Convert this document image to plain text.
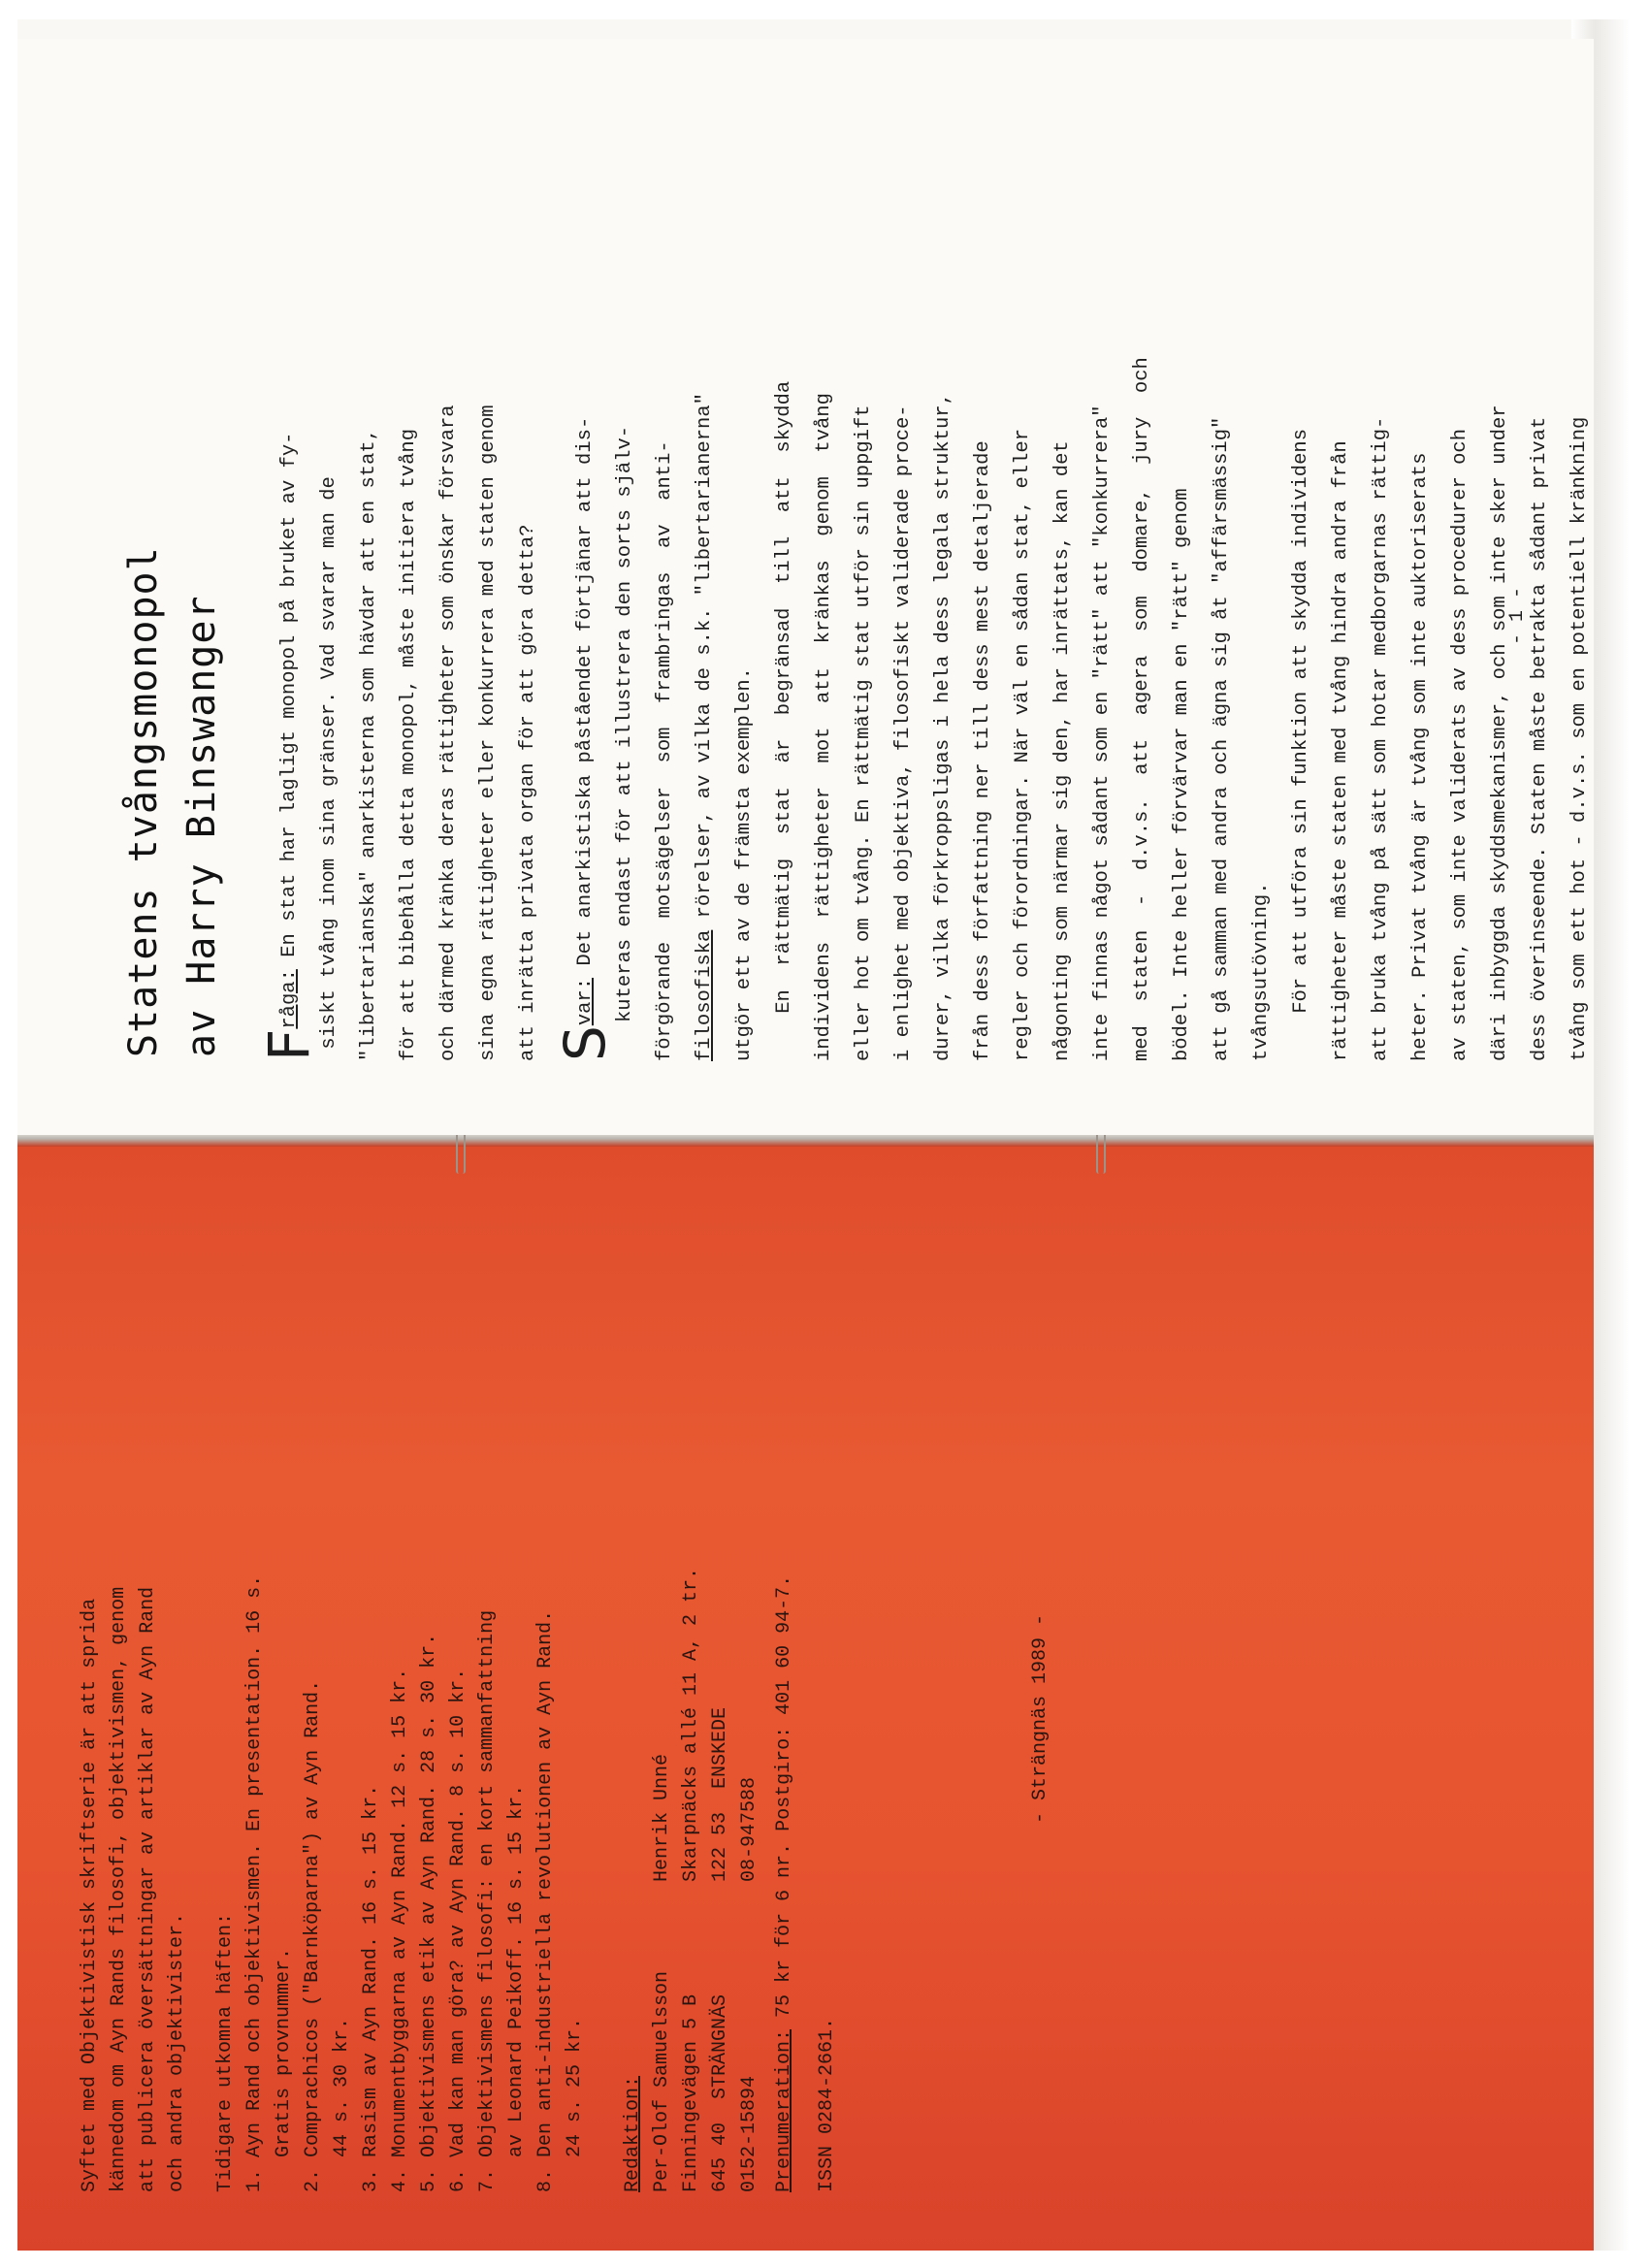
Syftet med Objektivistisk skriftserie är att sprida kännedom om Ayn Rands filosofi, objektivismen, genom att publicera översättningar av artiklar av Ayn Rand och andra objektivister. Tidigare utkomna häften: 1. Ayn Rand och objektivismen. En presentation. 16 s.
Gratis provnummer.
2. Comprachicos ("Barnköparna") av Ayn Rand.
44 s. 30 kr. 3. Rasism av Ayn Rand. 16 s. 15 kr. 4. Monumentbyggarna av Ayn Rand. 12 s. 15 kr. 5. Objektivismens etik av Ayn Rand. 28 s. 30 kr. 6. Vad kan man göra? av Ayn Rand. 8 s. 10 kr. 7. Objektivismens filosofi: en kort sammanfattning
av Leonard Peikoff. 16 s. 15 kr.
8. Den anti-industriella revolutionen av Ayn Rand.
24 s. 25 kr.
Redaktion: Per-Olof Samuelsson Finningevägen 5 B 645 40  STRÄNGNÄS 0152-15894
Henrik Unné Skarpnäcks allé 11 A, 2 tr. 122 53  ENSKEDE 08-947588
Prenumeration: 75 kr för 6 nr. Postgiro: 401 60 94-7.
ISSN 0284-2661.
- Strängnäs 1989 -
Statens tvångsmonopol av Harry Binswanger Fråga: En stat har lagligt monopol på bruket av fy- siskt tvång inom sina gränser. Vad svarar man de "libertarianska" anarkisterna som hävdar att en stat, för att bibehålla detta monopol, måste initiera tvång och därmed kränka deras rättigheter som önskar försvara sina egna rättigheter eller konkurrera med staten genom att inrätta privata organ för att göra detta? Svar: Det anarkistiska påståendet förtjänar att dis- kuteras endast för att illustrera den sorts själv- förgörande  motsägelser  som  frambringas  av  anti- filosofiska rörelser, av vilka de s.k. "libertarianerna" utgör ett av de främsta exemplen. En  rättmätig  stat  är  begränsad  till  att  skydda individens  rättigheter  mot  att  kränkas  genom  tvång eller hot om tvång. En rättmätig stat utför sin uppgift i enlighet med objektiva, filosofiskt validerade proce- durer, vilka förkroppsligas i hela dess legala struktur, från dess författning ner till dess mest detaljerade regler och förordningar. När väl en sådan stat, eller någonting som närmar sig den, har inrättats, kan det inte finnas något sådant som en "rätt" att "konkurrera" med  staten  -  d.v.s.  att  agera  som  domare,  jury  och bödel. Inte heller förvärvar man en "rätt" genom att gå samman med andra och ägna sig åt "affärsmässig" tvångsutövning. För att utföra sin funktion att skydda individens rättigheter måste staten med tvång hindra andra från att bruka tvång på sätt som hotar medborgarnas rättig- heter. Privat tvång är tvång som inte auktoriserats av staten, som inte validerats av dess procedurer och däri inbyggda skyddsmekanismer, och som inte sker under dess överinseende. Staten måste betrakta sådant privat tvång som ett hot - d.v.s. som en potentiell kränkning
- 1 -
